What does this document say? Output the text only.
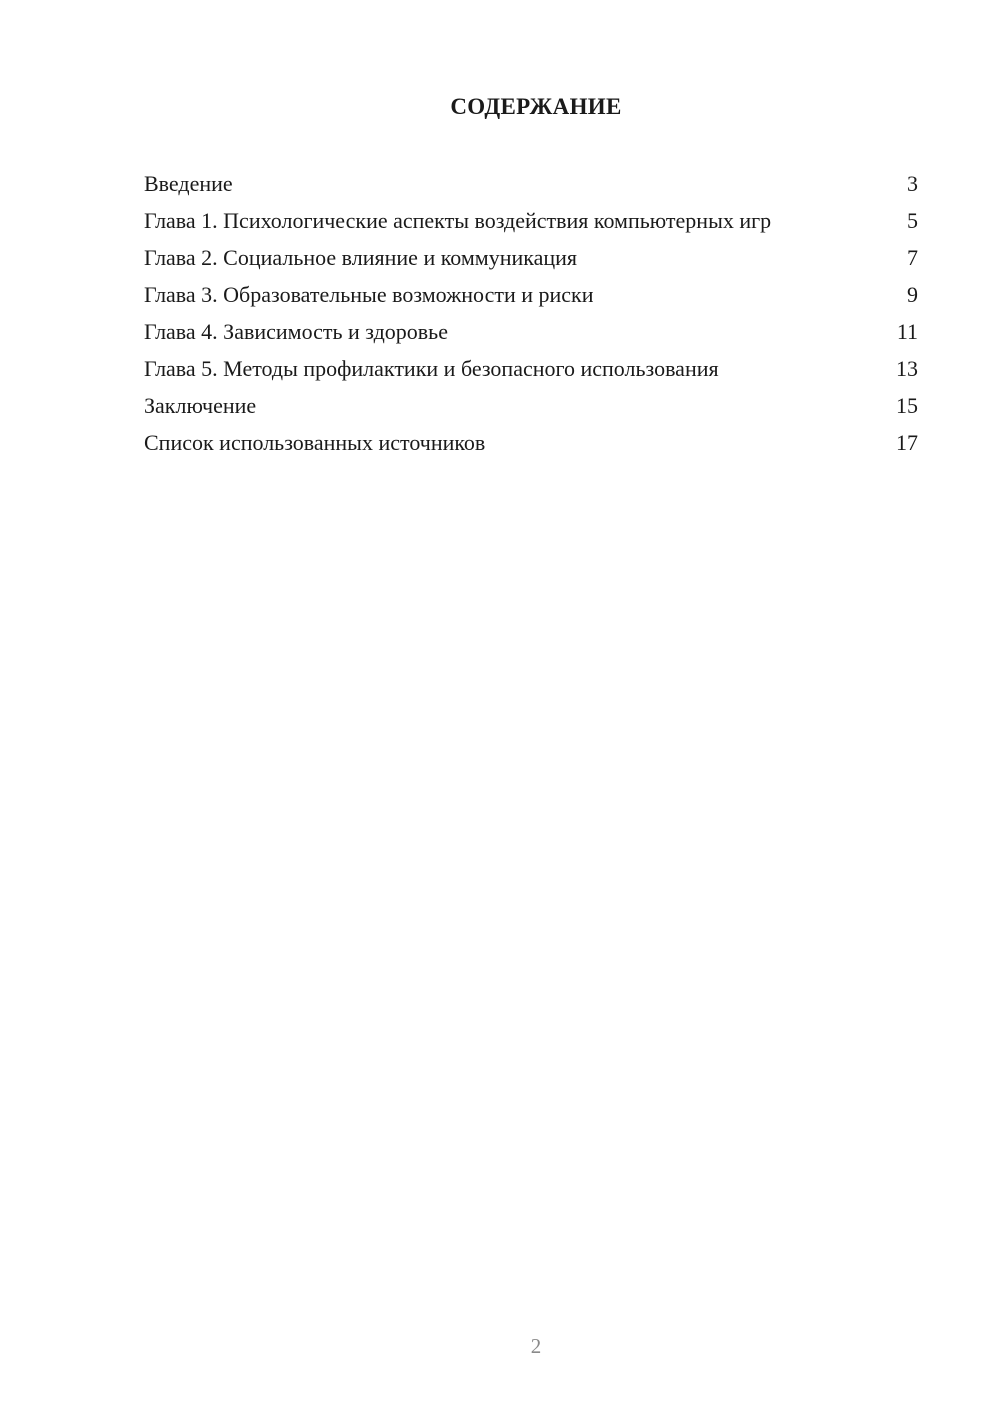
СОДЕРЖАНИЕ
Введение	3
Глава 1. Психологические аспекты воздействия компьютерных игр	5
Глава 2. Социальное влияние и коммуникация	7
Глава 3. Образовательные возможности и риски	9
Глава 4. Зависимость и здоровье	11
Глава 5. Методы профилактики и безопасного использования	13
Заключение	15
Список использованных источников	17
2
